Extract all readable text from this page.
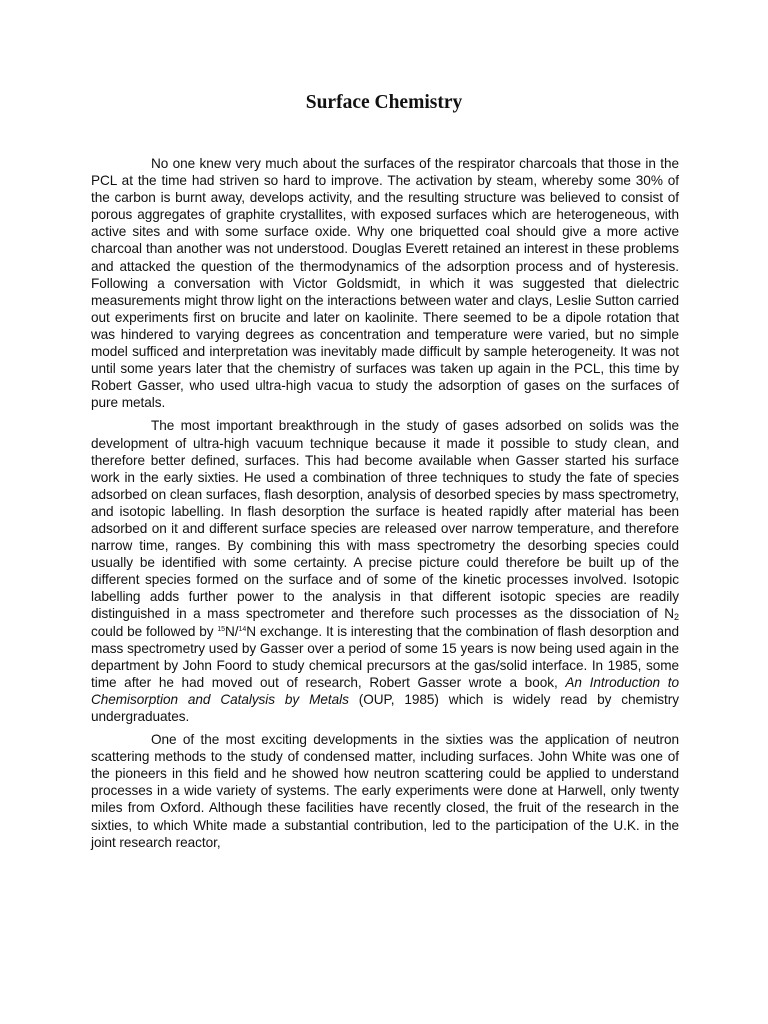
Surface Chemistry

No one knew very much about the surfaces of the respirator charcoals that those in the PCL at the time had striven so hard to improve. The activation by steam, whereby some 30% of the carbon is burnt away, develops activity, and the resulting structure was believed to consist of porous aggregates of graphite crystallites, with exposed surfaces which are heterogeneous, with active sites and with some surface oxide. Why one briquetted coal should give a more active charcoal than another was not understood. Douglas Everett retained an interest in these problems and attacked the question of the thermodynamics of the adsorption process and of hysteresis. Following a conversation with Victor Goldsmidt, in which it was suggested that dielectric measurements might throw light on the interactions between water and clays, Leslie Sutton carried out experiments first on brucite and later on kaolinite. There seemed to be a dipole rotation that was hindered to varying degrees as concentration and temperature were varied, but no simple model sufficed and interpretation was inevitably made difficult by sample heterogeneity. It was not until some years later that the chemistry of surfaces was taken up again in the PCL, this time by Robert Gasser, who used ultra-high vacua to study the adsorption of gases on the surfaces of pure metals.

The most important breakthrough in the study of gases adsorbed on solids was the development of ultra-high vacuum technique because it made it possible to study clean, and therefore better defined, surfaces. This had become available when Gasser started his surface work in the early sixties. He used a combination of three techniques to study the fate of species adsorbed on clean surfaces, flash desorption, analysis of desorbed species by mass spectrometry, and isotopic labelling. In flash desorption the surface is heated rapidly after material has been adsorbed on it and different surface species are released over narrow temperature, and therefore narrow time, ranges. By combining this with mass spectrometry the desorbing species could usually be identified with some certainty. A precise picture could therefore be built up of the different species formed on the surface and of some of the kinetic processes involved. Isotopic labelling adds further power to the analysis in that different isotopic species are readily distinguished in a mass spectrometer and therefore such processes as the dissociation of $N_2$ could be followed by $^{15}$N/$^{14}$N exchange. It is interesting that the combination of flash desorption and mass spectrometry used by Gasser over a period of some 15 years is now being used again in the department by John Foord to study chemical precursors at the gas/solid interface. In 1985, some time after he had moved out of research, Robert Gasser wrote a book, An Introduction to Chemisorption and Catalysis by Metals (OUP, 1985) which is widely read by chemistry undergraduates.

One of the most exciting developments in the sixties was the application of neutron scattering methods to the study of condensed matter, including surfaces. John White was one of the pioneers in this field and he showed how neutron scattering could be applied to understand processes in a wide variety of systems. The early experiments were done at Harwell, only twenty miles from Oxford. Although these facilities have recently closed, the fruit of the research in the sixties, to which White made a substantial contribution, led to the participation of the U.K. in the joint research reactor,
